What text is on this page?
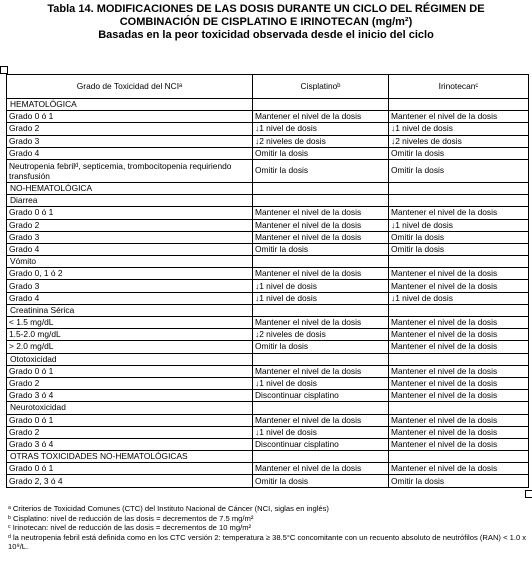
Tabla 14. MODIFICACIONES DE LAS DOSIS DURANTE UN CICLO DEL RÉGIMEN DE
COMBINACIÓN DE CISPLATINO E IRINOTECAN (mg/m²)
Basadas en la peor toxicidad observada desde el inicio del ciclo
Grado de Toxicidad del NCIᵃ	Cisplatinoᵇ	Irinotecanᶜ
HEMATOLÓGICA		
Grado 0 ó 1	Mantener el nivel de la dosis	Mantener el nivel de la dosis
Grado 2	↓1 nivel de dosis	↓1 nivel de dosis
Grado 3	↓2 niveles de dosis	↓2 niveles de dosis
Grado 4	Omitir la dosis	Omitir la dosis
Neutropenia febrilᵈ, septicemia, trombocitopenia requiriendo transfusión	Omitir la dosis	Omitir la dosis
NO-HEMATOLÓGICA		
Diarrea		
Grado 0 ó 1	Mantener el nivel de la dosis	Mantener el nivel de la dosis
Grado 2	Mantener el nivel de la dosis	↓1 nivel de dosis
Grado 3	Mantener el nivel de la dosis	Omitir la dosis
Grado 4	Omitir la dosis	Omitir la dosis
Vómito		
Grado 0, 1 ó 2	Mantener el nivel de la dosis	Mantener el nivel de la dosis
Grado 3	↓1 nivel de dosis	Mantener el nivel de la dosis
Grado 4	↓1 nivel de dosis	↓1 nivel de dosis
Creatinina Sérica		
< 1.5 mg/dL	Mantener el nivel de la dosis	Mantener el nivel de la dosis
1.5-2.0 mg/dL	↓2 niveles de dosis	Mantener el nivel de la dosis
> 2.0 mg/dL	Omitir la dosis	Mantener el nivel de la dosis
Ototoxicidad		
Grado 0 ó 1	Mantener el nivel de la dosis	Mantener el nivel de la dosis
Grado 2	↓1 nivel de dosis	Mantener el nivel de la dosis
Grado 3 ó 4	Discontinuar cisplatino	Mantener el nivel de la dosis
Neurotoxicidad		
Grado 0 ó 1	Mantener el nivel de la dosis	Mantener el nivel de la dosis
Grado 2	↓1 nivel de dosis	Mantener el nivel de la dosis
Grado 3 ó 4	Discontinuar cisplatino	Mantener el nivel de la dosis
OTRAS TOXICIDADES NO-HEMATOLÓGICAS		
Grado 0 ó 1	Mantener el nivel de la dosis	Mantener el nivel de la dosis
Grado 2, 3 ó 4	Omitir la dosis	Omitir la dosis
ᵃ Criterios de Toxicidad Comunes (CTC) del Instituto Nacional de Cáncer (NCI, siglas en inglés)
ᵇ Cisplatino: nivel de reducción de las dosis = decrementos de 7.5 mg/m²
ᶜ Irinotecan: nivel de reducción de las dosis = decrementos de 10 mg/m²
ᵈ la neutropenia febril está definida como en los CTC versión 2: temperatura ≥ 38.5°C concomitante con un recuento absoluto de neutrófilos (RAN) < 1.0 x 10⁹/L.
